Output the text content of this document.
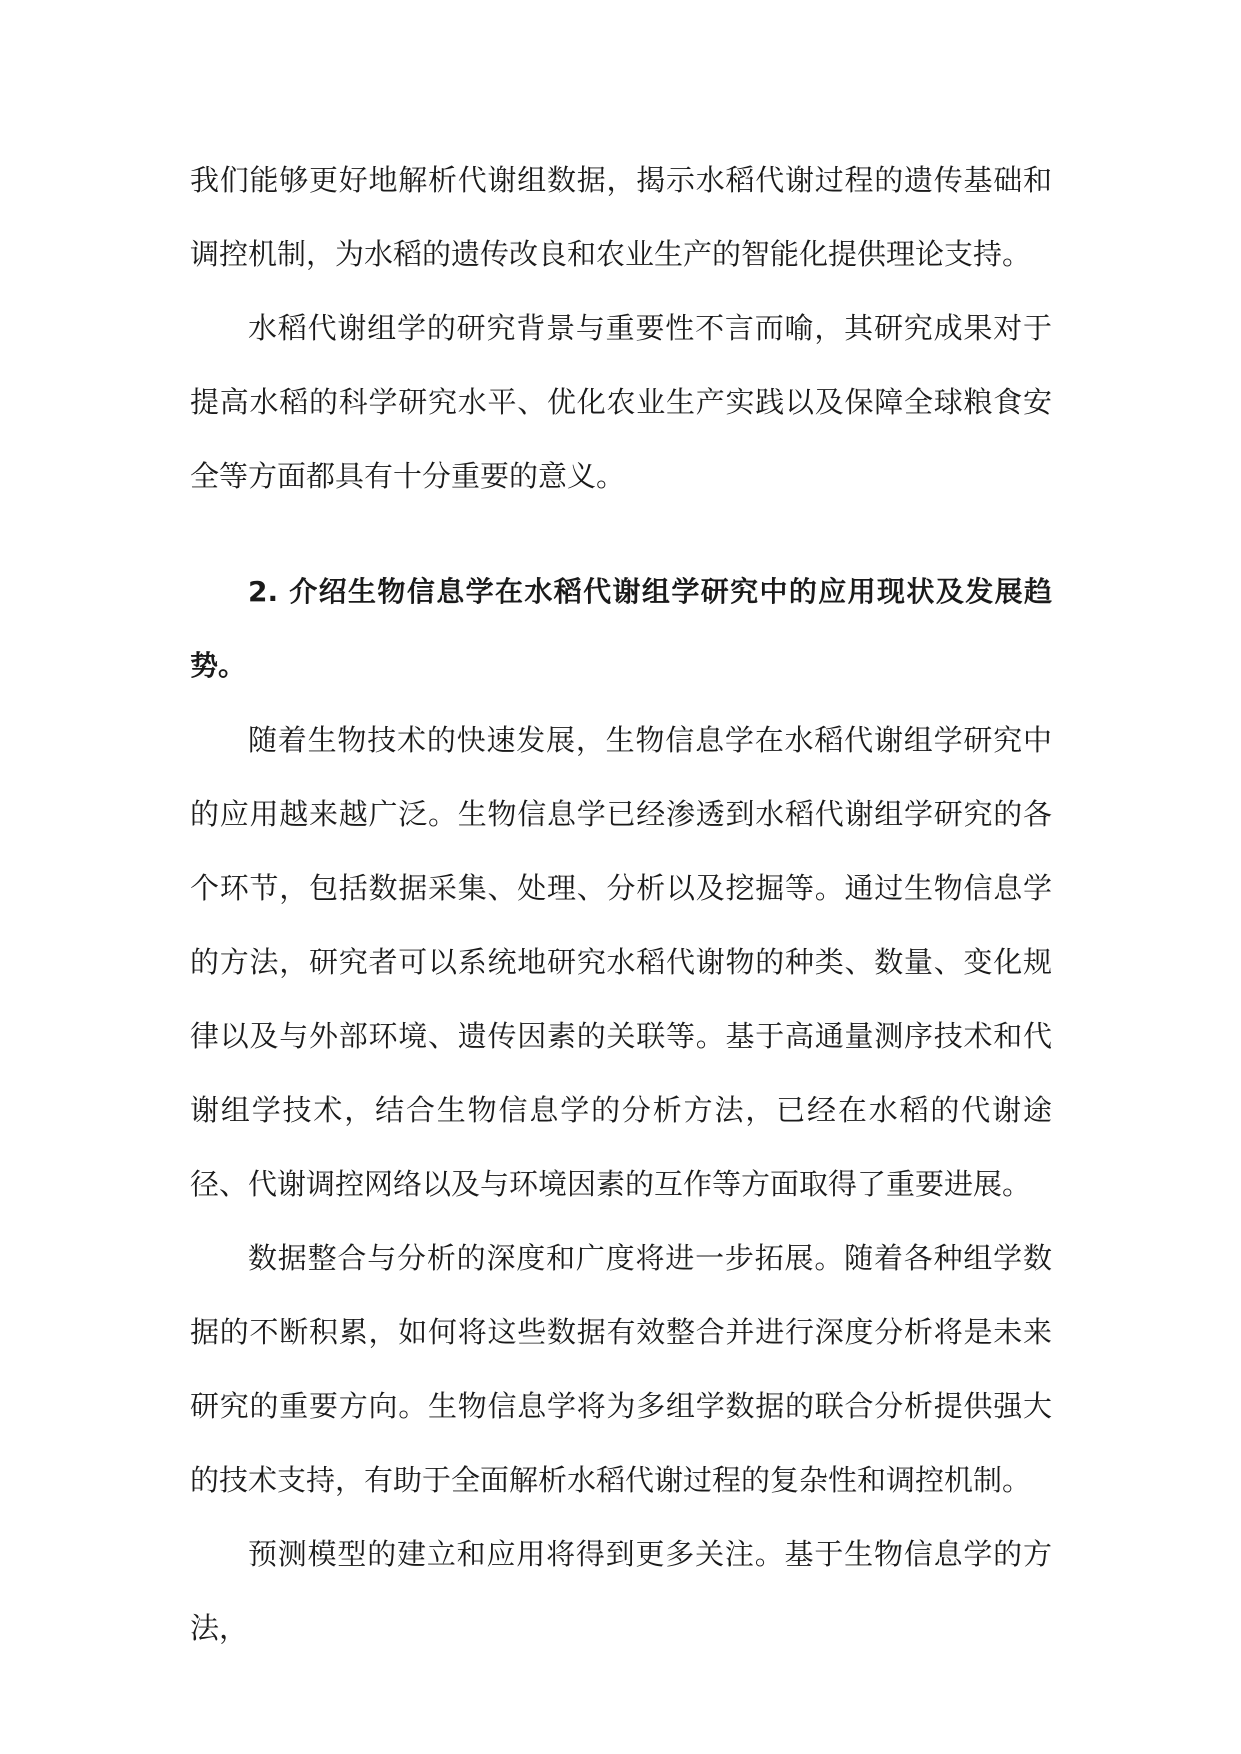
我们能够更好地解析代谢组数据，揭示水稻代谢过程的遗传基础和调控机制，为水稻的遗传改良和农业生产的智能化提供理论支持。

水稻代谢组学的研究背景与重要性不言而喻，其研究成果对于提高水稻的科学研究水平、优化农业生产实践以及保障全球粮食安全等方面都具有十分重要的意义。

2. 介绍生物信息学在水稻代谢组学研究中的应用现状及发展趋势。

随着生物技术的快速发展，生物信息学在水稻代谢组学研究中的应用越来越广泛。生物信息学已经渗透到水稻代谢组学研究的各个环节，包括数据采集、处理、分析以及挖掘等。通过生物信息学的方法，研究者可以系统地研究水稻代谢物的种类、数量、变化规律以及与外部环境、遗传因素的关联等。基于高通量测序技术和代谢组学技术，结合生物信息学的分析方法，已经在水稻的代谢途径、代谢调控网络以及与环境因素的互作等方面取得了重要进展。

数据整合与分析的深度和广度将进一步拓展。随着各种组学数据的不断积累，如何将这些数据有效整合并进行深度分析将是未来研究的重要方向。生物信息学将为多组学数据的联合分析提供强大的技术支持，有助于全面解析水稻代谢过程的复杂性和调控机制。

预测模型的建立和应用将得到更多关注。基于生物信息学的方法，
